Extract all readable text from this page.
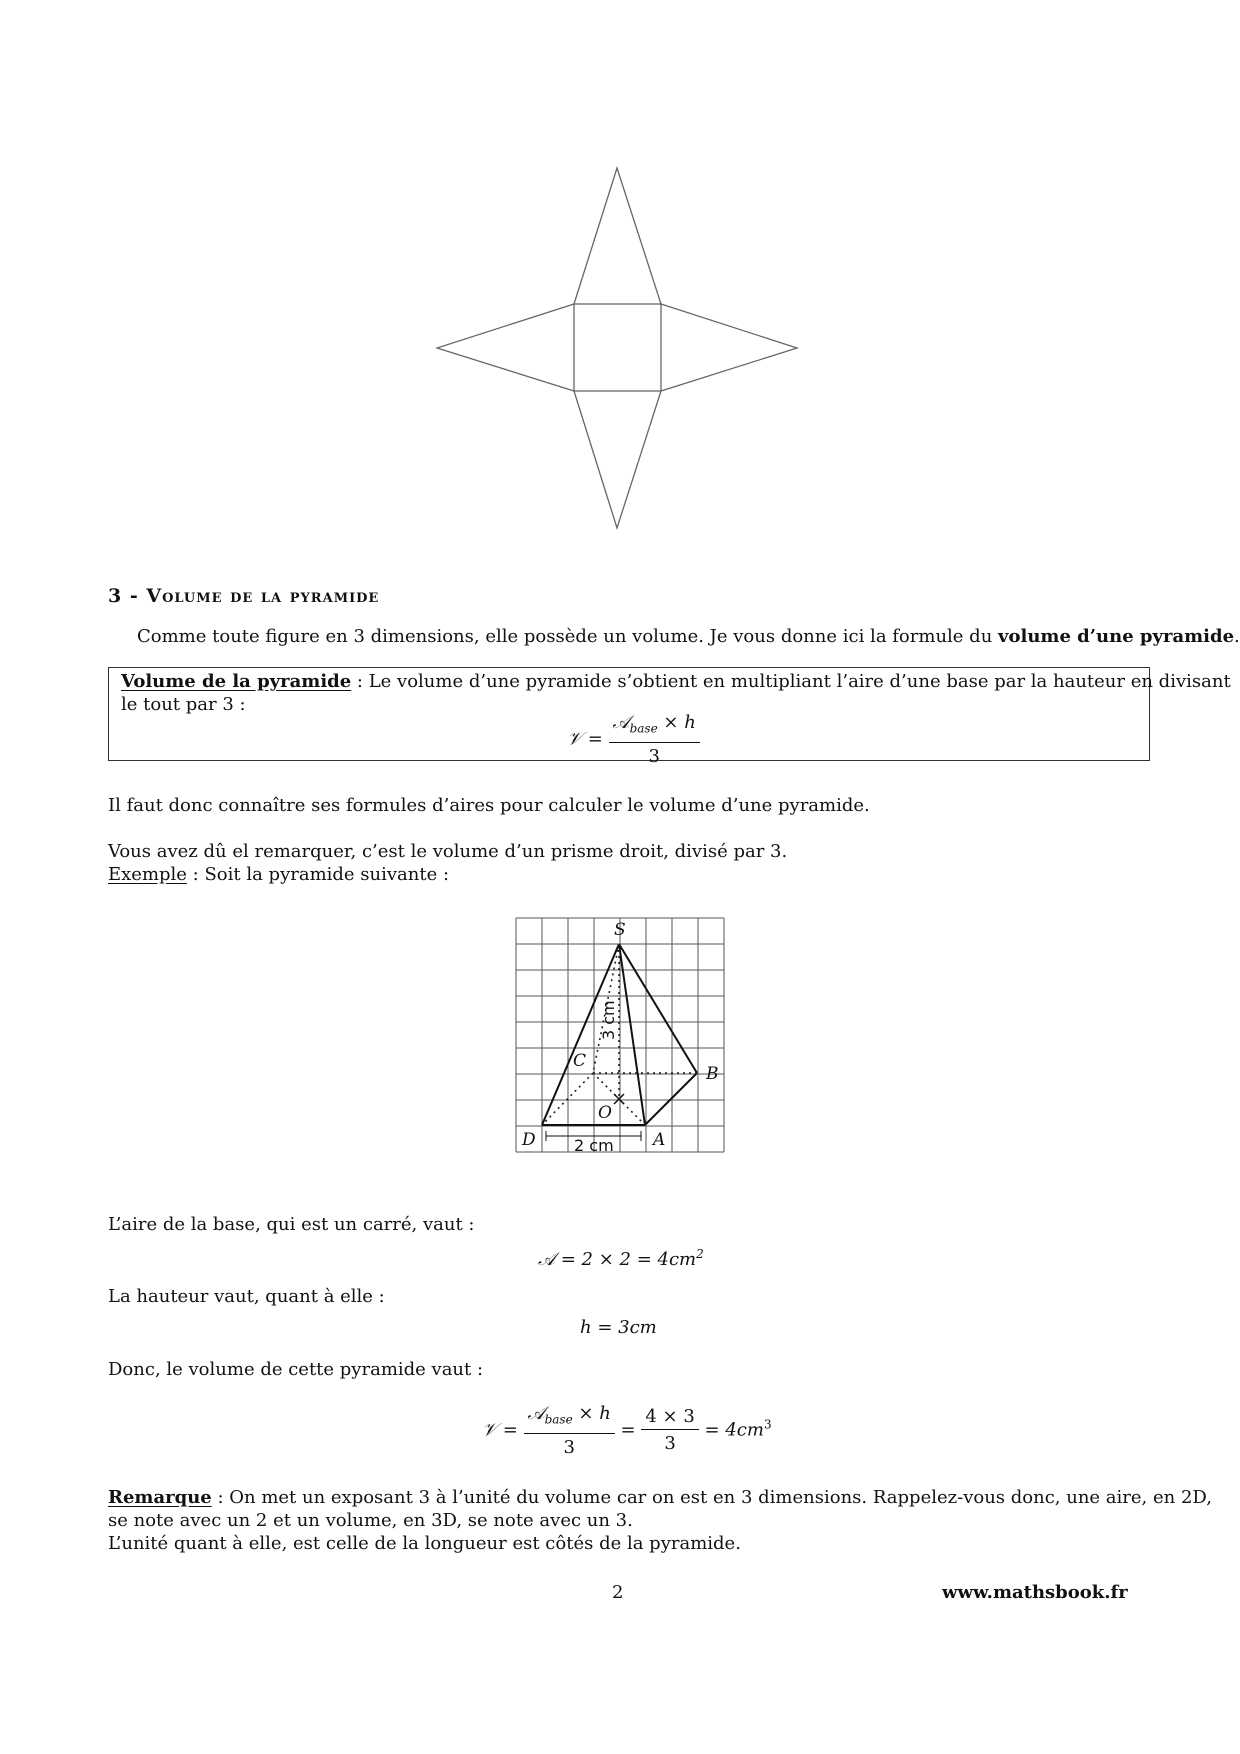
3 - Volume de la pyramide
Comme toute figure en 3 dimensions, elle possède un volume. Je vous donne ici la formule du volume d’une pyramide.
Volume de la pyramide : Le volume d’une pyramide s’obtient en multipliant l’aire d’une base par la hauteur en divisant
le tout par 3 :
𝒱 = $\frac{𝒜_{base} \times h}{3}$
Il faut donc connaître ses formules d’aires pour calculer le volume d’une pyramide.
Vous avez dû el remarquer, c’est le volume d’un prisme droit, divisé par 3.
Exemple : Soit la pyramide suivante :
S
B
C
O
D	A
3 cm
2 cm
L’aire de la base, qui est un carré, vaut :
𝒜 = $2 \times 2 = 4cm^2$
La hauteur vaut, quant à elle :
h = 3cm
Donc, le volume de cette pyramide vaut :
𝒱 = $\frac{𝒜_{base} \times h}{3} = \frac{4 \times 3}{3} = 4cm^3$
Remarque : On met un exposant 3 à l’unité du volume car on est en 3 dimensions. Rappelez-vous donc, une aire, en 2D,
se note avec un 2 et un volume, en 3D, se note avec un 3.
L’unité quant à elle, est celle de la longueur est côtés de la pyramide.
2	www.mathsbook.fr
